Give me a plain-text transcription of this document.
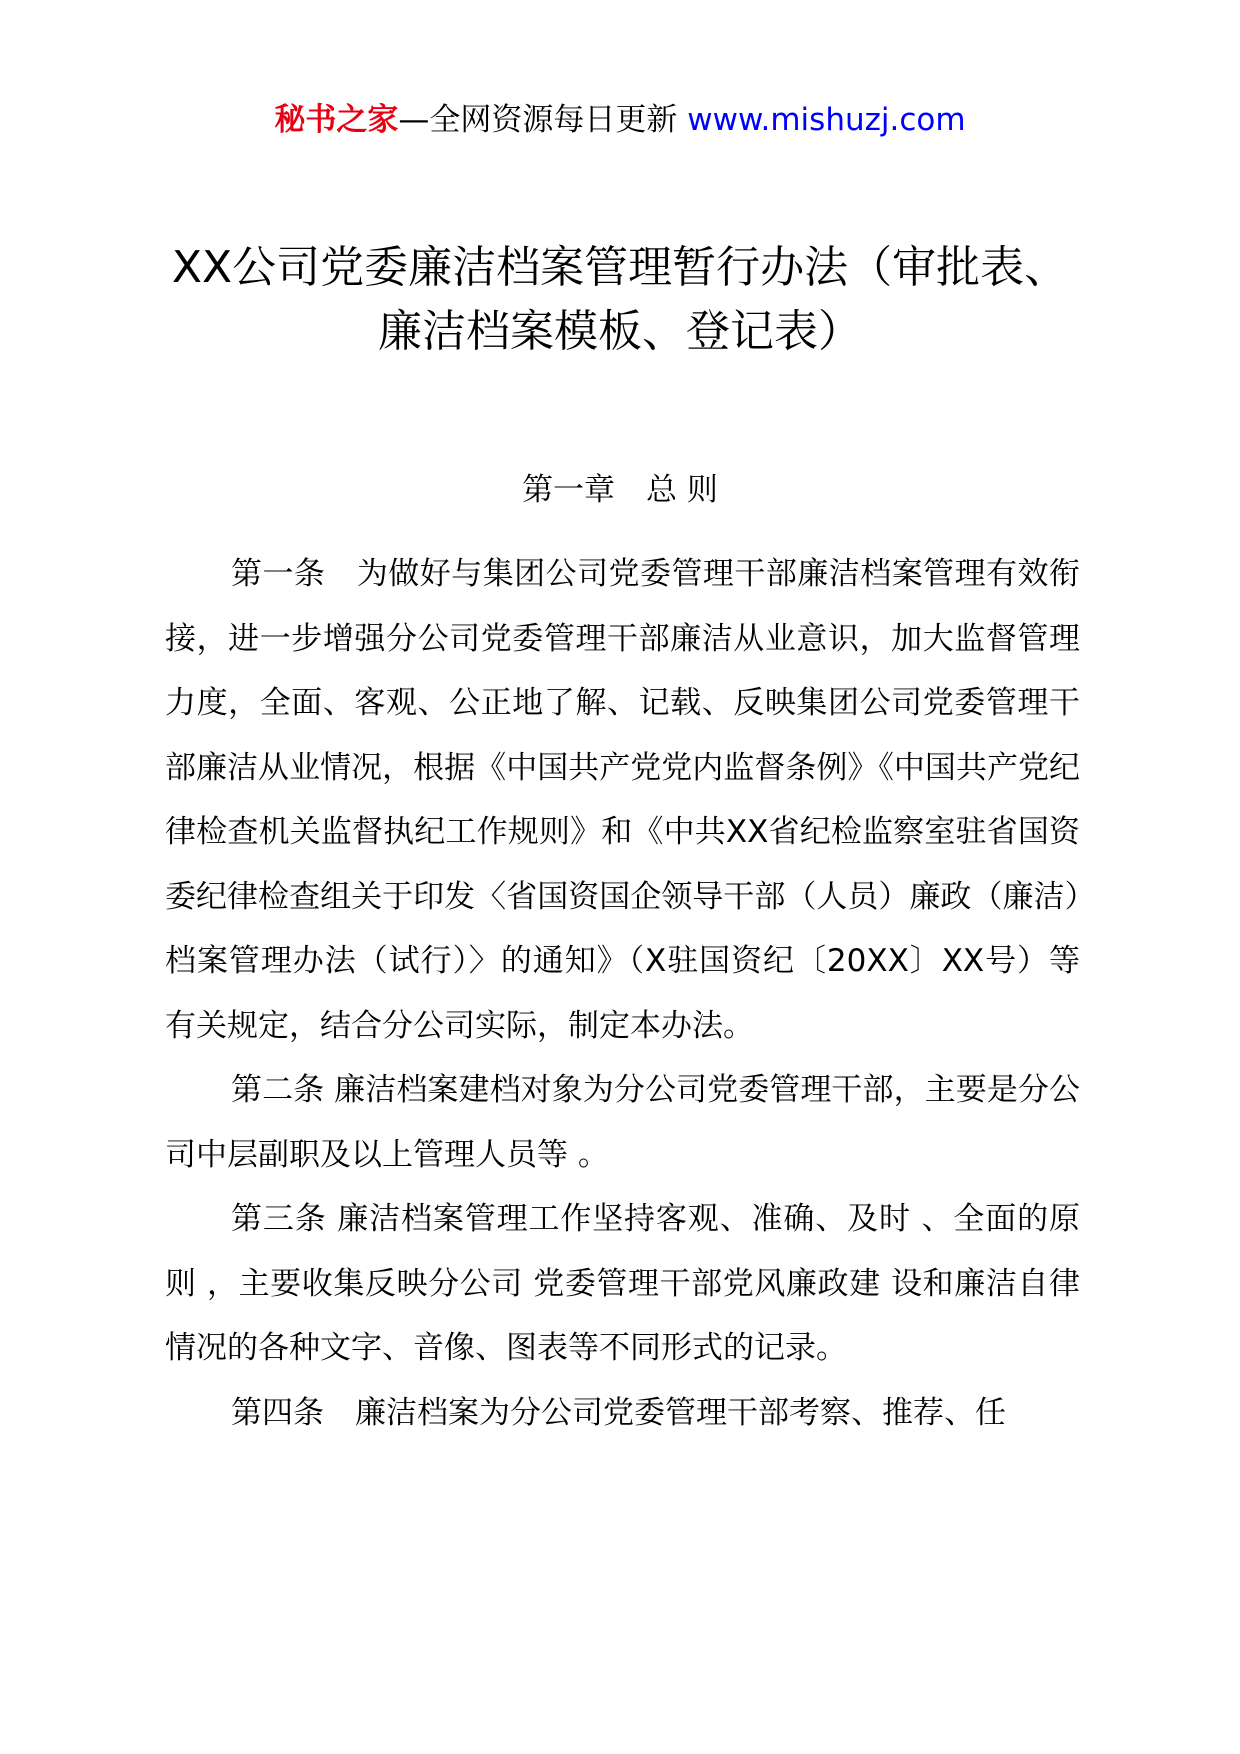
秘书之家—全网资源每日更新 www.mishuzj.com
XX公司党委廉洁档案管理暂行办法（审批表、
廉洁档案模板、登记表）
第一章　总 则

第一条　为做好与集团公司党委管理干部廉洁档案管理有效衔接，进一步增强分公司党委管理干部廉洁从业意识，加大监督管理力度，全面、客观、公正地了解、记载、反映集团公司党委管理干部廉洁从业情况，根据《中国共产党党内监督条例》《中国共产党纪律检查机关监督执纪工作规则》和《中共XX省纪检监察室驻省国资委纪律检查组关于印发〈省国资国企领导干部（人员）廉政（廉洁）档案管理办法（试行）〉的通知》（X驻国资纪〔20XX〕XX号）等有关规定，结合分公司实际，制定本办法。

第二条 廉洁档案建档对象为分公司党委管理干部，主要是分公司中层副职及以上管理人员等 。

第三条 廉洁档案管理工作坚持客观、准确、及时 、全面的原则 ，主要收集反映分公司 党委管理干部党风廉政建 设和廉洁自律情况的各种文字、音像、图表等不同形式的记录。

第四条　廉洁档案为分公司党委管理干部考察、推荐、任
